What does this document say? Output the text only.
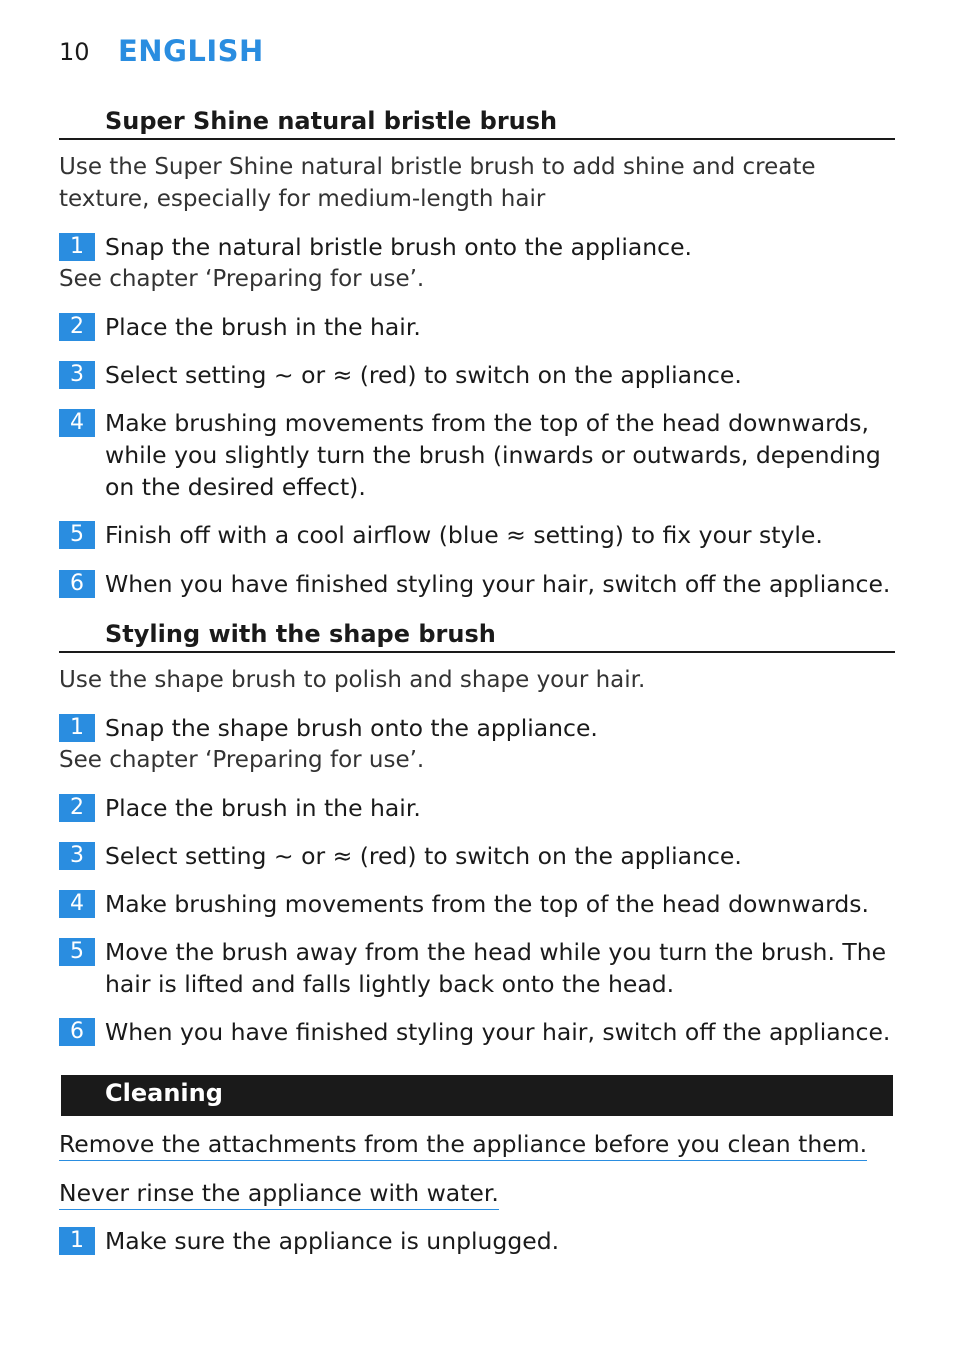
10 ENGLISH
Super Shine natural bristle brush
Use the Super Shine natural bristle brush to add shine and create texture, especially for medium-length hair
1 Snap the natural bristle brush onto the appliance.
See chapter ‘Preparing for use’.
2 Place the brush in the hair.
3 Select setting ~ or ≈ (red) to switch on the appliance.
4 Make brushing movements from the top of the head downwards, while you slightly turn the brush (inwards or outwards, depending on the desired effect).
5 Finish off with a cool airflow (blue ≈ setting) to fix your style.
6 When you have finished styling your hair, switch off the appliance.
Styling with the shape brush
Use the shape brush to polish and shape your hair.
1 Snap the shape brush onto the appliance.
See chapter ‘Preparing for use’.
2 Place the brush in the hair.
3 Select setting ~ or ≈ (red) to switch on the appliance.
4 Make brushing movements from the top of the head downwards.
5 Move the brush away from the head while you turn the brush. The hair is lifted and falls lightly back onto the head.
6 When you have finished styling your hair, switch off the appliance.
Cleaning
Remove the attachments from the appliance before you clean them.
Never rinse the appliance with water.
1 Make sure the appliance is unplugged.
